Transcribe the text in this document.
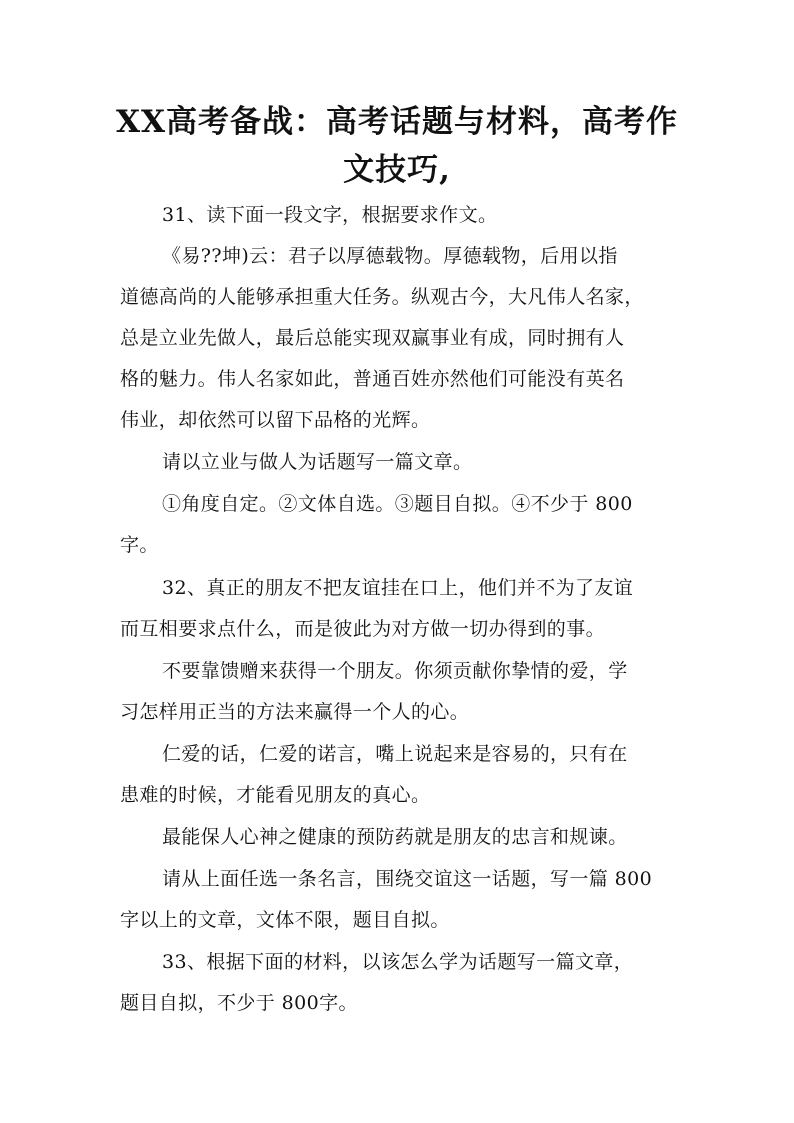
XX高考备战：高考话题与材料，高考作
文技巧,
31、读下面一段文字，根据要求作文。
《易??坤)云：君子以厚德载物。厚德载物，后用以指
道德高尚的人能够承担重大任务。纵观古今，大凡伟人名家，
总是立业先做人，最后总能实现双赢事业有成，同时拥有人
格的魅力。伟人名家如此，普通百姓亦然他们可能没有英名
伟业，却依然可以留下品格的光辉。
请以立业与做人为话题写一篇文章。
①角度自定。②文体自选。③题目自拟。④不少于 800
字。
32、真正的朋友不把友谊挂在口上，他们并不为了友谊
而互相要求点什么，而是彼此为对方做一切办得到的事。
不要靠馈赠来获得一个朋友。你须贡献你挚情的爱，学
习怎样用正当的方法来赢得一个人的心。
仁爱的话，仁爱的诺言，嘴上说起来是容易的，只有在
患难的时候，才能看见朋友的真心。
最能保人心神之健康的预防药就是朋友的忠言和规谏。
请从上面任选一条名言，围绕交谊这一话题，写一篇 800
字以上的文章，文体不限，题目自拟。
33、根据下面的材料，以该怎么学为话题写一篇文章，
题目自拟，不少于 800字。
